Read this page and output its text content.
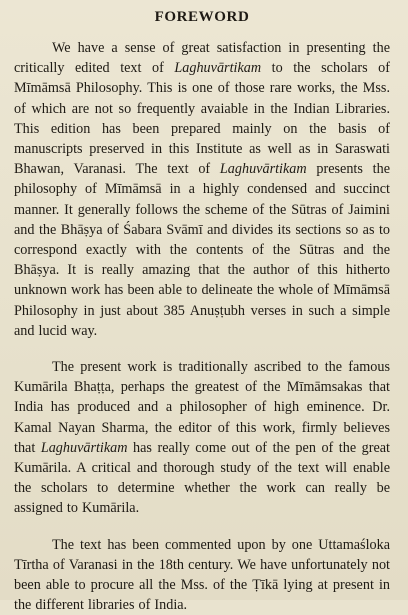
FOREWORD

We have a sense of great satisfaction in presenting the critically edited text of Laghuvārtikam to the scholars of Mīmāmsā Philosophy. This is one of those rare works, the Mss. of which are not so frequently avaiable in the Indian Libraries. This edition has been prepared mainly on the basis of manuscripts preserved in this Institute as well as in Saraswati Bhawan, Varanasi. The text of Laghuvārtikam presents the philosophy of Mīmāmsā in a highly condensed and succinct manner. It generally follows the scheme of the Sūtras of Jaimini and the Bhāṣya of Śabara Svāmī and divides its sections so as to correspond exactly with the contents of the Sūtras and the Bhāṣya. It is really amazing that the author of this hitherto unknown work has been able to delineate the whole of Mīmāmsā Philosophy in just about 385 Anuṣṭubh verses in such a simple and lucid way.

The present work is traditionally ascribed to the famous Kumārila Bhaṭṭa, perhaps the greatest of the Mīmāmsakas that India has produced and a philosopher of high eminence. Dr. Kamal Nayan Sharma, the editor of this work, firmly believes that Laghuvārtikam has really come out of the pen of the great Kumārila. A critical and thorough study of the text will enable the scholars to determine whether the work can really be assigned to Kumārila.

The text has been commented upon by one Uttamaśloka Tīrtha of Varanasi in the 18th century. We have unfortunately not been able to procure all the Mss. of the Ṭīkā lying at present in the different libraries of India.
